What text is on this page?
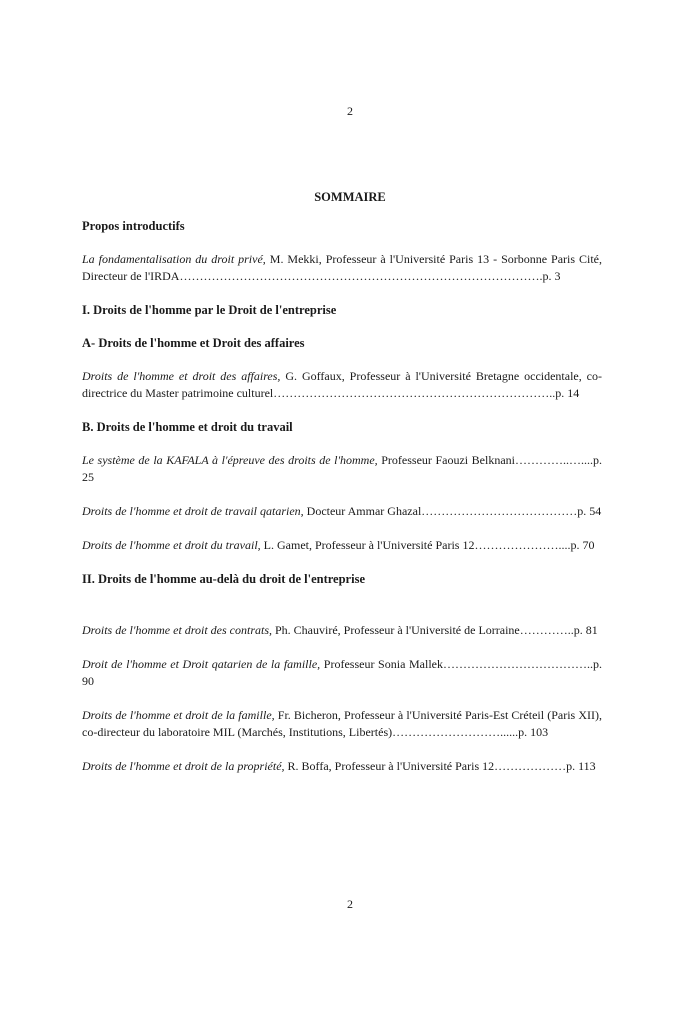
2
SOMMAIRE
Propos introductifs
La fondamentalisation du droit privé, M. Mekki, Professeur à l'Université Paris 13 - Sorbonne Paris Cité, Directeur de l'IRDA……………………………………………………………………………….p. 3
I. Droits de l'homme par le Droit de l'entreprise
A- Droits de l'homme et Droit des affaires
Droits de l'homme et droit des affaires, G. Goffaux, Professeur à l'Université Bretagne occidentale, co-directrice du Master patrimoine culturel……………………………………………………………..p. 14
B. Droits de l'homme et droit du travail
Le système de la KAFALA à l'épreuve des droits de l'homme, Professeur Faouzi Belknani…………..…....p. 25
Droits de l'homme et droit de travail qatarien, Docteur Ammar Ghazal…………………………………p. 54
Droits de l'homme et droit du travail, L. Gamet, Professeur à l'Université Paris 12…………………....p. 70
II. Droits de l'homme au-delà du droit de l'entreprise
Droits de l'homme et droit des contrats, Ph. Chauviré, Professeur à l'Université de Lorraine…………..p. 81
Droit de l'homme et Droit qatarien de la famille, Professeur Sonia Mallek………………………………..p. 90
Droits de l'homme et droit de la famille, Fr. Bicheron, Professeur à l'Université Paris-Est Créteil (Paris XII), co-directeur du laboratoire MIL (Marchés, Institutions, Libertés)………………………......p. 103
Droits de l'homme et droit de la propriété, R. Boffa, Professeur à l'Université Paris 12………………p. 113
2
